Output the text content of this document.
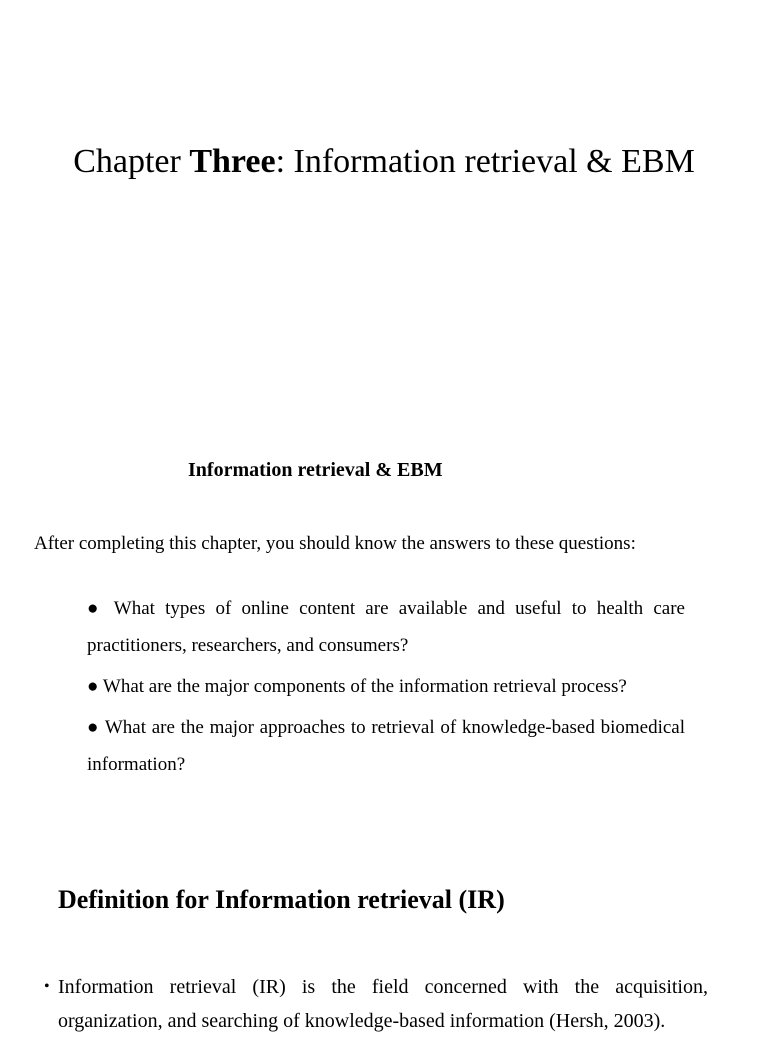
Chapter Three: Information retrieval & EBM
Information retrieval & EBM

After completing this chapter, you should know the answers to these questions:

● What types of online content are available and useful to health care practitioners, researchers, and consumers?
● What are the major components of the information retrieval process?
● What are the major approaches to retrieval of knowledge-based biomedical information?
Definition for Information retrieval (IR)
• Information retrieval (IR) is the field concerned with the acquisition, organization, and searching of knowledge-based information (Hersh, 2003).
